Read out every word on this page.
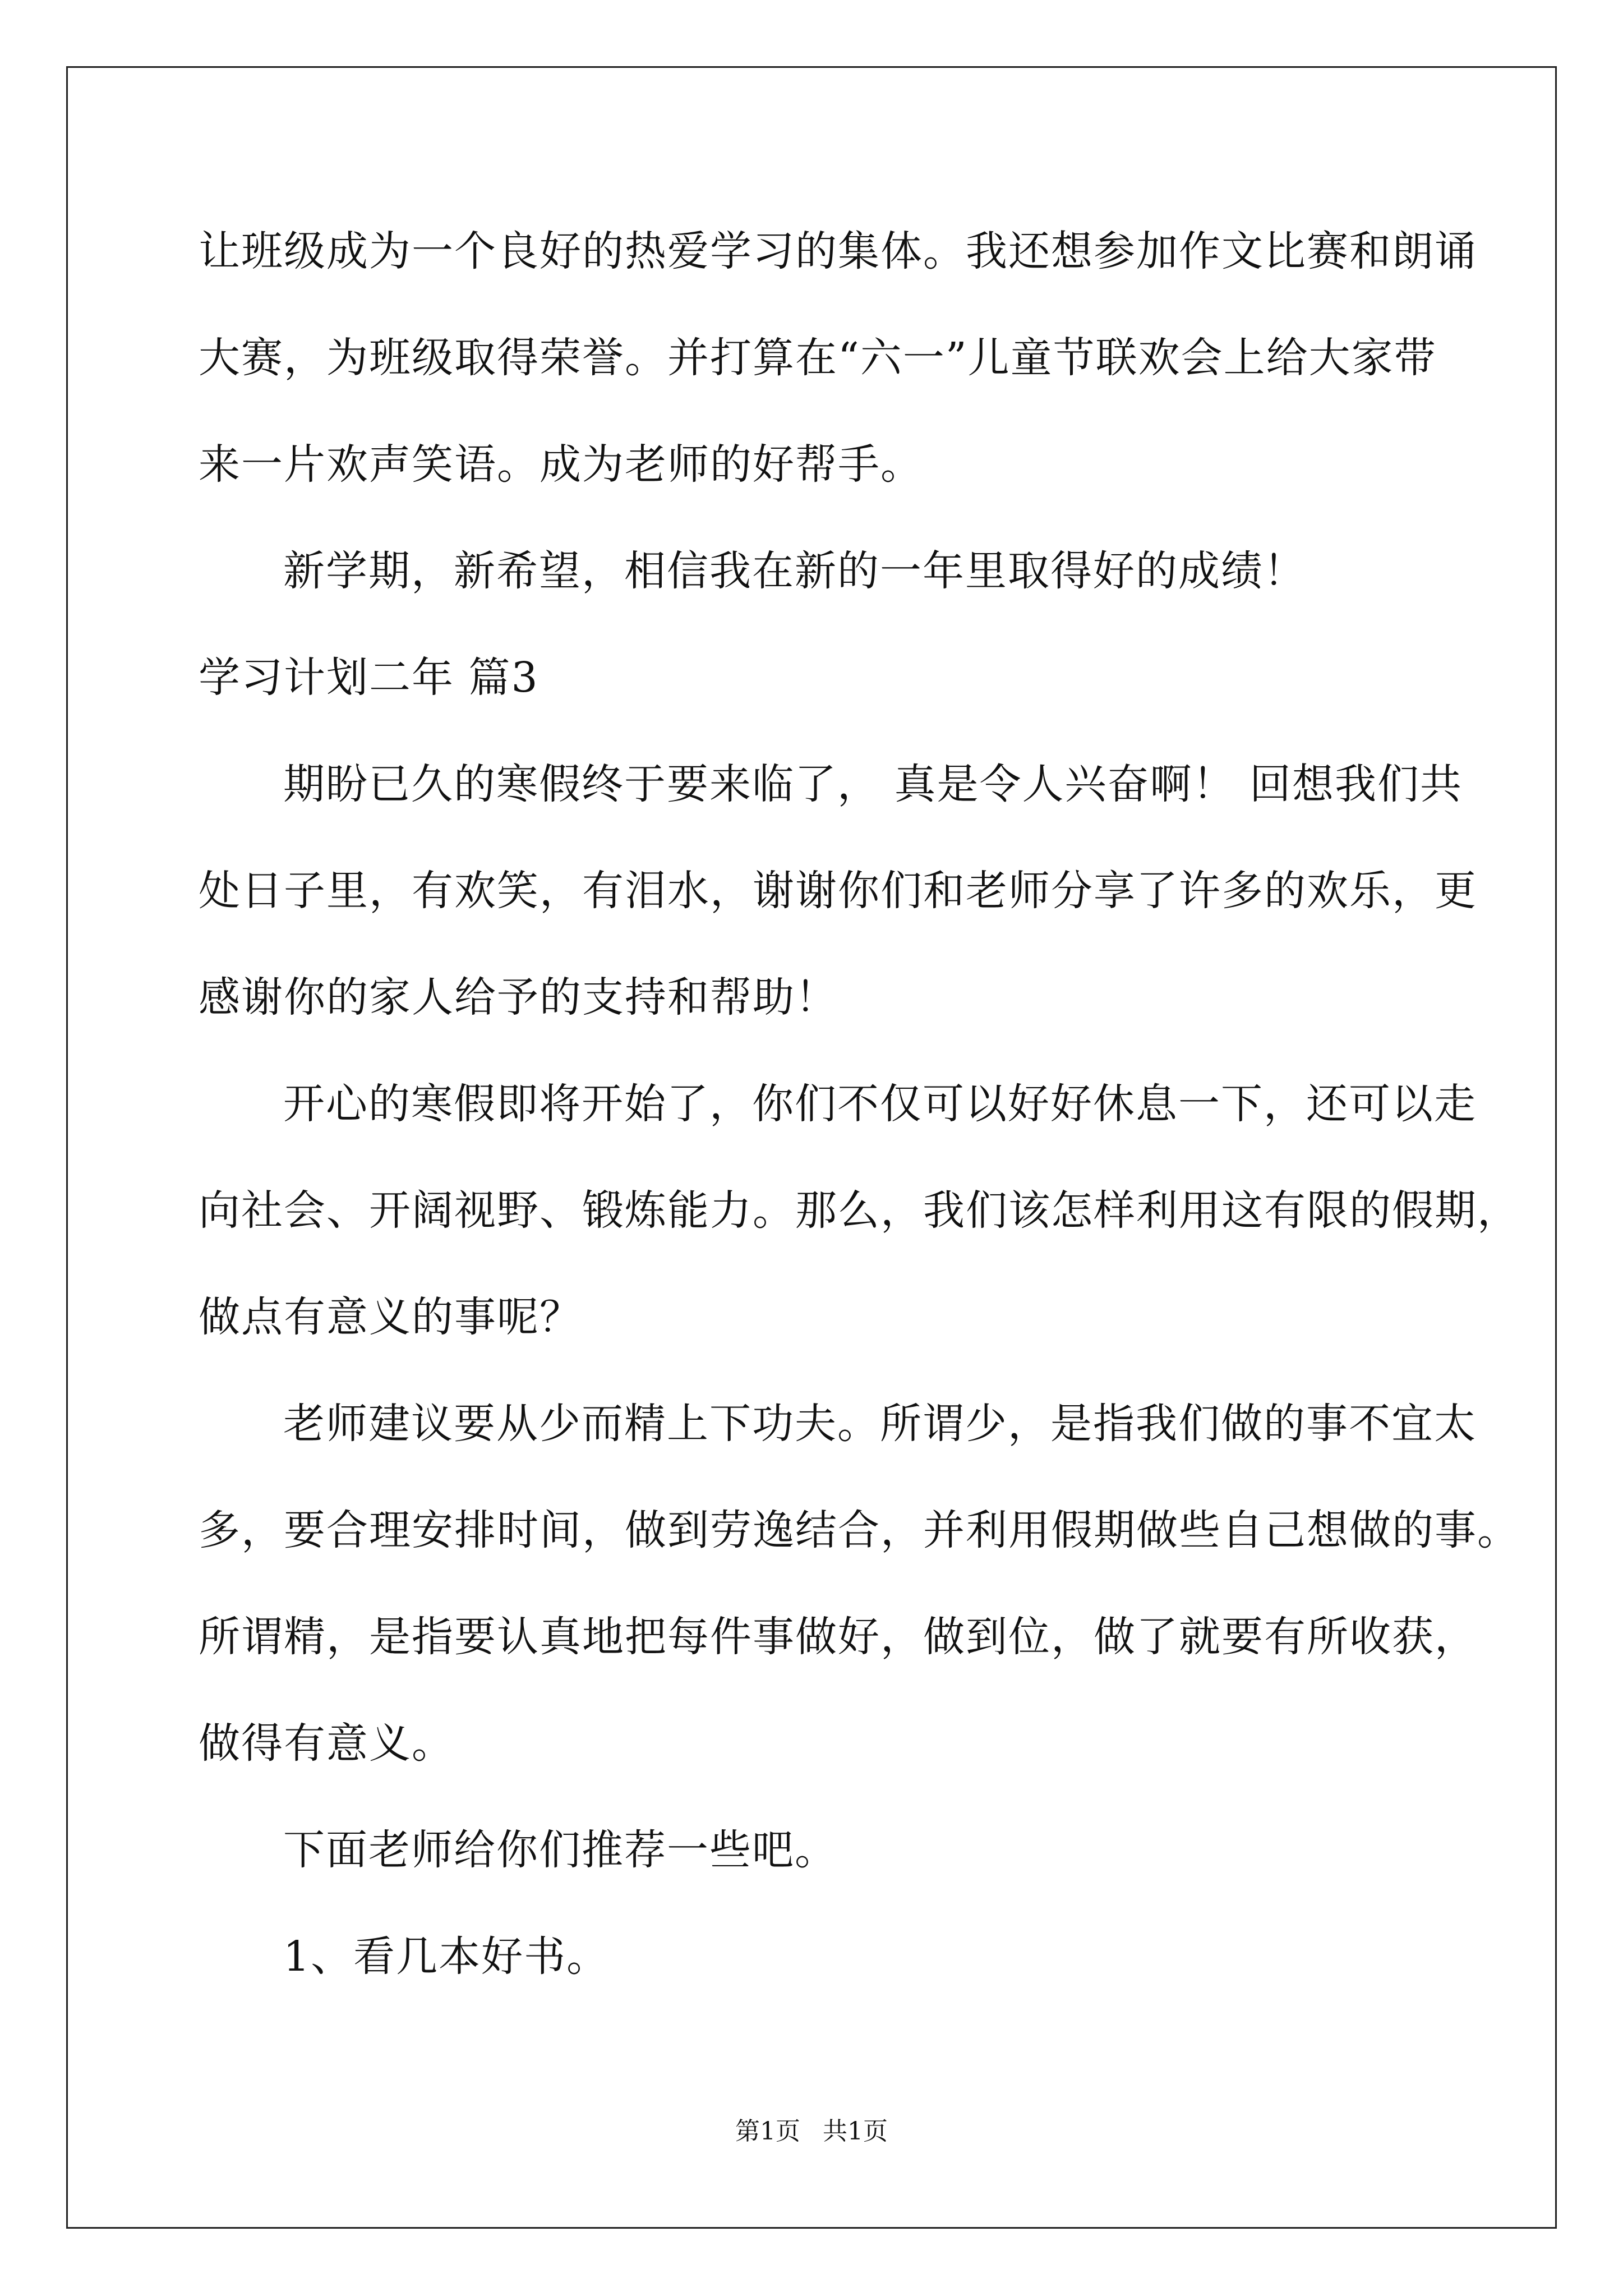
让班级成为一个良好的热爱学习的集体。我还想参加作文比赛和朗诵
大赛，为班级取得荣誉。并打算在“六一”儿童节联欢会上给大家带
来一片欢声笑语。成为老师的好帮手。
新学期，新希望，相信我在新的一年里取得好的成绩！
学习计划二年 篇3
期盼已久的寒假终于要来临了， 真是令人兴奋啊！ 回想我们共
处日子里，有欢笑，有泪水，谢谢你们和老师分享了许多的欢乐，更
感谢你的家人给予的支持和帮助！
开心的寒假即将开始了，你们不仅可以好好休息一下，还可以走
向社会、开阔视野、锻炼能力。那么，我们该怎样利用这有限的假期，
做点有意义的事呢？
老师建议要从少而精上下功夫。所谓少，是指我们做的事不宜太
多，要合理安排时间，做到劳逸结合，并利用假期做些自己想做的事。
所谓精，是指要认真地把每件事做好，做到位，做了就要有所收获，
做得有意义。
下面老师给你们推荐一些吧。
1、看几本好书。
第1页 共1页
